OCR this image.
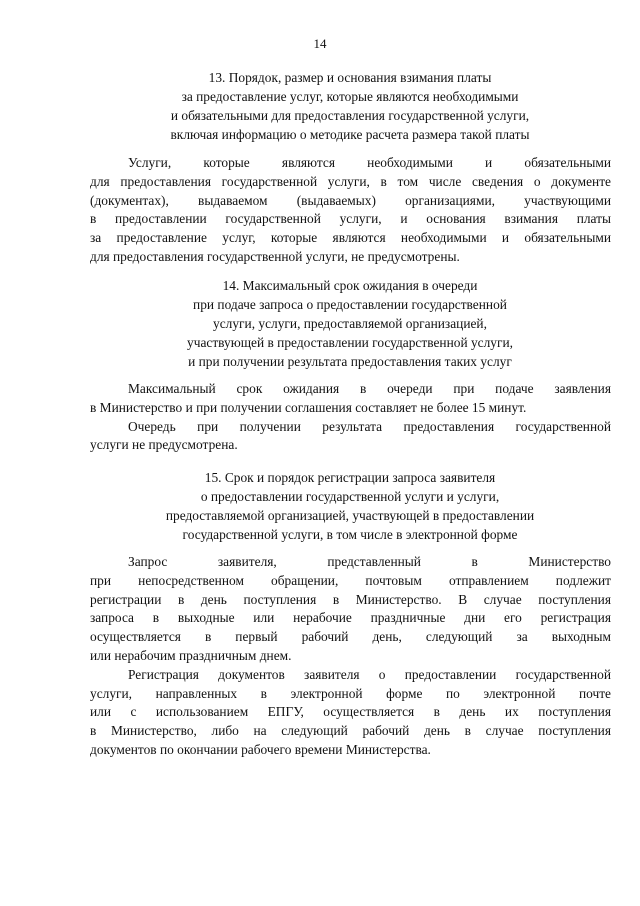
14
13. Порядок, размер и основания взимания платы
за предоставление услуг, которые являются необходимыми
и обязательными для предоставления государственной услуги,
включая информацию о методике расчета размера такой платы
Услуги, которые являются необходимыми и обязательными
для предоставления государственной услуги, в том числе сведения о документе
(документах), выдаваемом (выдаваемых) организациями, участвующими
в предоставлении государственной услуги, и основания взимания платы
за предоставление услуг, которые являются необходимыми и обязательными
для предоставления государственной услуги, не предусмотрены.
14. Максимальный срок ожидания в очереди
при подаче запроса о предоставлении государственной
услуги, услуги, предоставляемой организацией,
участвующей в предоставлении государственной услуги,
и при получении результата предоставления таких услуг
Максимальный срок ожидания в очереди при подаче заявления
в Министерство и при получении соглашения составляет не более 15 минут.
Очередь при получении результата предоставления государственной
услуги не предусмотрена.
15. Срок и порядок регистрации запроса заявителя
о предоставлении государственной услуги и услуги,
предоставляемой организацией, участвующей в предоставлении
государственной услуги, в том числе в электронной форме
Запрос заявителя, представленный в Министерство
при непосредственном обращении, почтовым отправлением подлежит
регистрации в день поступления в Министерство. В случае поступления
запроса в выходные или нерабочие праздничные дни его регистрация
осуществляется в первый рабочий день, следующий за выходным
или нерабочим праздничным днем.
Регистрация документов заявителя о предоставлении государственной
услуги, направленных в электронной форме по электронной почте
или с использованием ЕПГУ, осуществляется в день их поступления
в Министерство, либо на следующий рабочий день в случае поступления
документов по окончании рабочего времени Министерства.
